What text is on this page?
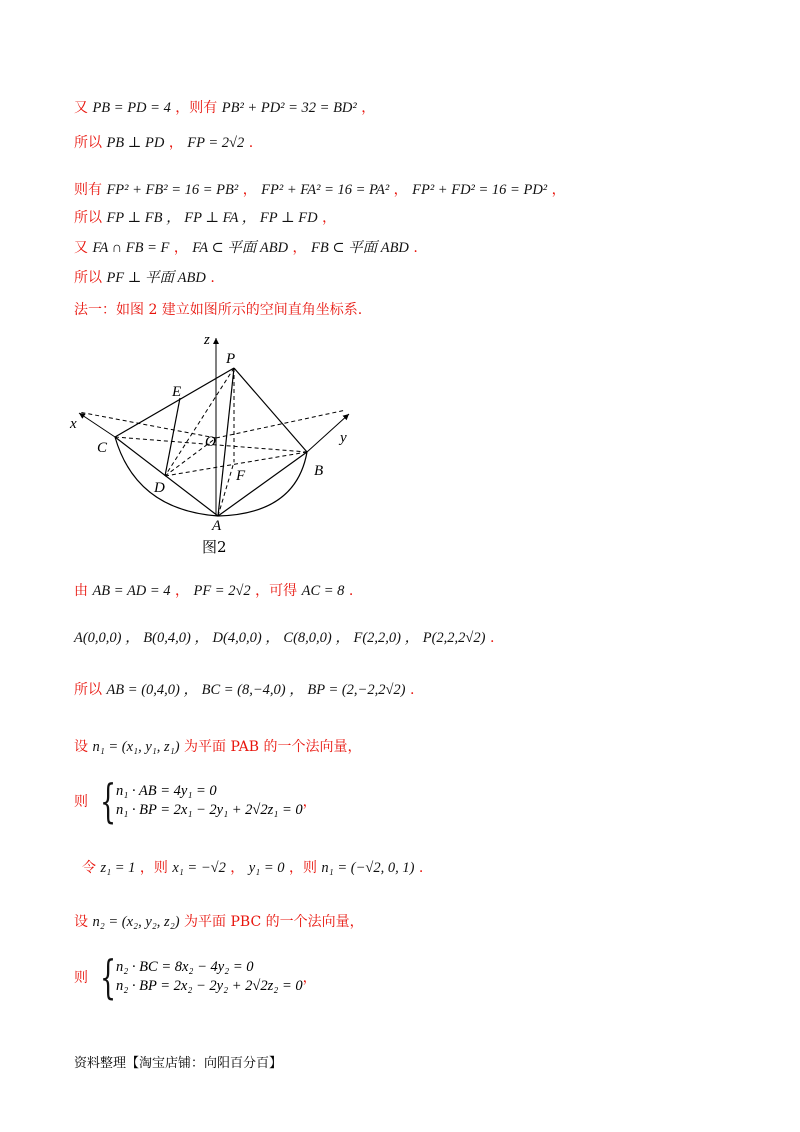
又 PB = PD = 4 ，则有 PB² + PD² = 32 = BD² ，
所以 PB ⊥ PD ， FP = 2√2 .
则有 FP² + FB² = 16 = PB² ， FP² + FA² = 16 = PA² ， FP² + FD² = 16 = PD² ，
所以 FP ⊥ FB ， FP ⊥ FA ， FP ⊥ FD ，
又 FA ∩ FB = F ， FA ⊂ 平面 ABD ， FB ⊂ 平面 ABD .
所以 PF ⊥ 平面 ABD .
法一：如图 2 建立如图所示的空间直角坐标系.
z
P
E
x
y
C	O
B
D
F
A
图2
由 AB = AD = 4 ， PF = 2√2 ，可得 AC = 8 .
A(0,0,0) ， B(0,4,0) ， D(4,0,0) ， C(8,0,0) ， F(2,2,0) ， P(2,2,2√2) .
所以 AB = (0,4,0) ， BC = (8,−4,0) ， BP = (2,−2,2√2) .
设 n₁ = (x₁, y₁, z₁) 为平面 PAB 的一个法向量，
则 { n₁ · AB = 4y₁ = 0
n₁ · BP = 2x₁ − 2y₁ + 2√2z₁ = 0 ，
令 z₁ = 1 ，则 x₁ = −√2 ， y₁ = 0 ，则 n₁ = (−√2, 0, 1) .
设 n₂ = (x₂, y₂, z₂) 为平面 PBC 的一个法向量，
则 { n₂ · BC = 8x₂ − 4y₂ = 0
n₂ · BP = 2x₂ − 2y₂ + 2√2z₂ = 0 ，
资料整理【淘宝店铺：向阳百分百】
